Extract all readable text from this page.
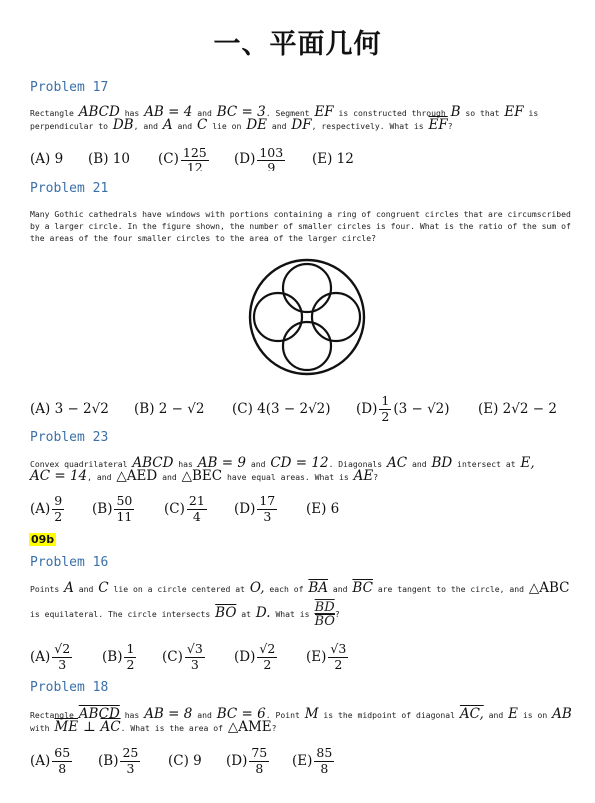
一、平面几何
Problem 17
Rectangle ABCD has AB = 4 and BC = 3. Segment EF is constructed through B so that EF is
perpendicular to DB, and A and C lie on DE and DF, respectively. What is $\overline{EF}$?
(A) 9 (B) 10 $(C) \frac{125}{12} (D) \frac{103}{9} (E)$ 12
Problem 21
Many Gothic cathedrals have windows with portions containing a ring of congruent circles that are circumscribed by a larger circle. In the figure shown, the number of smaller circles is four. What is the ratio of the sum of the areas of the four smaller circles to the area of the larger circle?
(A) 3 − 2√2 (B) 2 − √2 (C) 4(3 − 2√2) $(D) \frac{1}{2} (3 - √2)$ (E) 2√2 − 2
Problem 23
Convex quadrilateral ABCD has AB = 9 and CD = 12. Diagonals AC and BD intersect at E,
AC = 14, and △AED and △BEC have equal areas. What is AE?
$(A) \frac{9}{2} (B) \frac{50}{11} (C) \frac{21}{4} (D) \frac{17}{3} (E)$ 6
09b
Problem 16
Points A and C lie on a circle centered at O, each of $\overline{BA}$ and $\overline{BC}$ are tangent to the circle, and △ABC
is equilateral. The circle intersects $\overline{BO}$ at D. What is $\frac{\overline{BD}}{BO}$ ?
$(A) \frac{√2}{3} (B) \frac{1}{2} (C) \frac{√3}{3} (D) \frac{√2}{2} (E) \frac{√3}{2}$
Problem 18
Rectangle ABCD has AB = 8 and BC = 6. Point M is the midpoint of diagonal AC, and E is on AB
with $\overline{ME}$ ⊥ $\overline{AC}$. What is the area of △AME?
$(A) \frac{65}{8} (B) \frac{25}{3} (C)$ 9 $(D) \frac{75}{8} (E) \frac{85}{8}$
